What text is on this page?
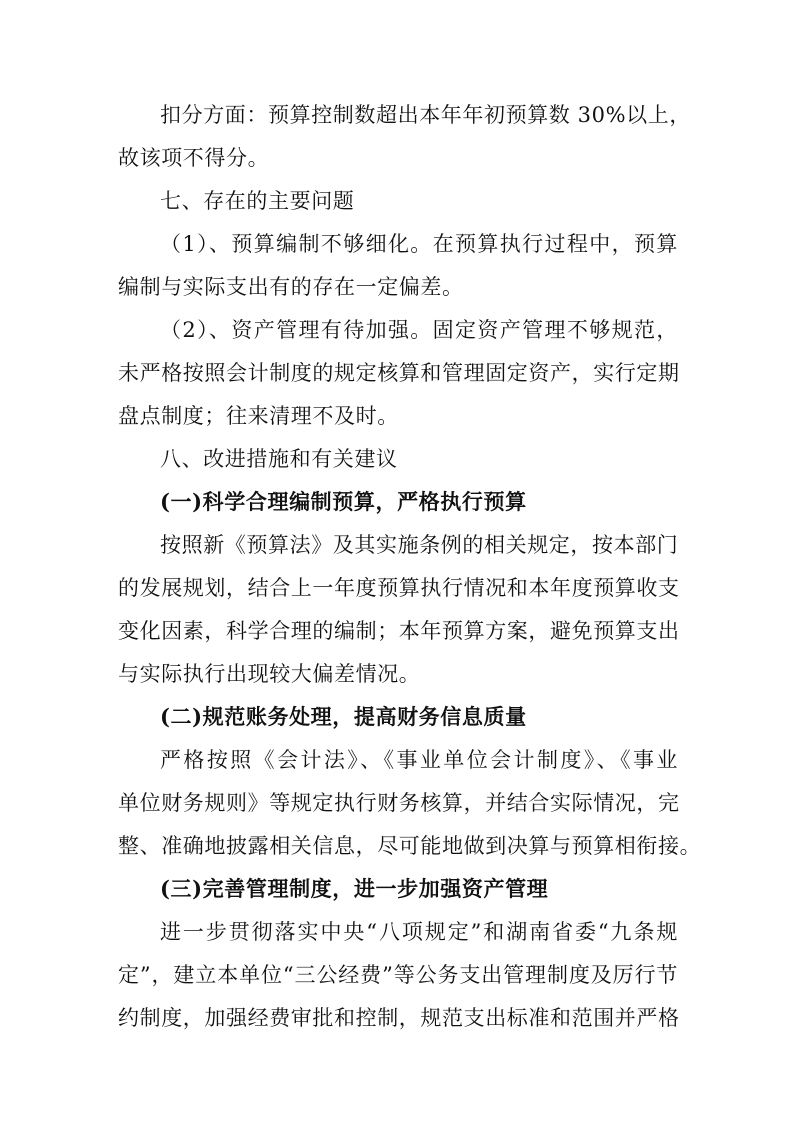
扣分方面：预算控制数超出本年年初预算数 30%以上，
故该项不得分。
七、存在的主要问题
（1）、预算编制不够细化。在预算执行过程中，预算
编制与实际支出有的存在一定偏差。
（2）、资产管理有待加强。固定资产管理不够规范，
未严格按照会计制度的规定核算和管理固定资产，实行定期
盘点制度；往来清理不及时。
八、改进措施和有关建议
(一)科学合理编制预算，严格执行预算
按照新《预算法》及其实施条例的相关规定，按本部门
的发展规划，结合上一年度预算执行情况和本年度预算收支
变化因素，科学合理的编制；本年预算方案，避免预算支出
与实际执行出现较大偏差情况。
(二)规范账务处理，提高财务信息质量
严格按照《会计法》、《事业单位会计制度》、《事业
单位财务规则》等规定执行财务核算，并结合实际情况，完
整、准确地披露相关信息，尽可能地做到决算与预算相衔接。
(三)完善管理制度，进一步加强资产管理
进一步贯彻落实中央“八项规定”和湖南省委“九条规
定”，建立本单位“三公经费”等公务支出管理制度及厉行节
约制度，加强经费审批和控制，规范支出标准和范围并严格
